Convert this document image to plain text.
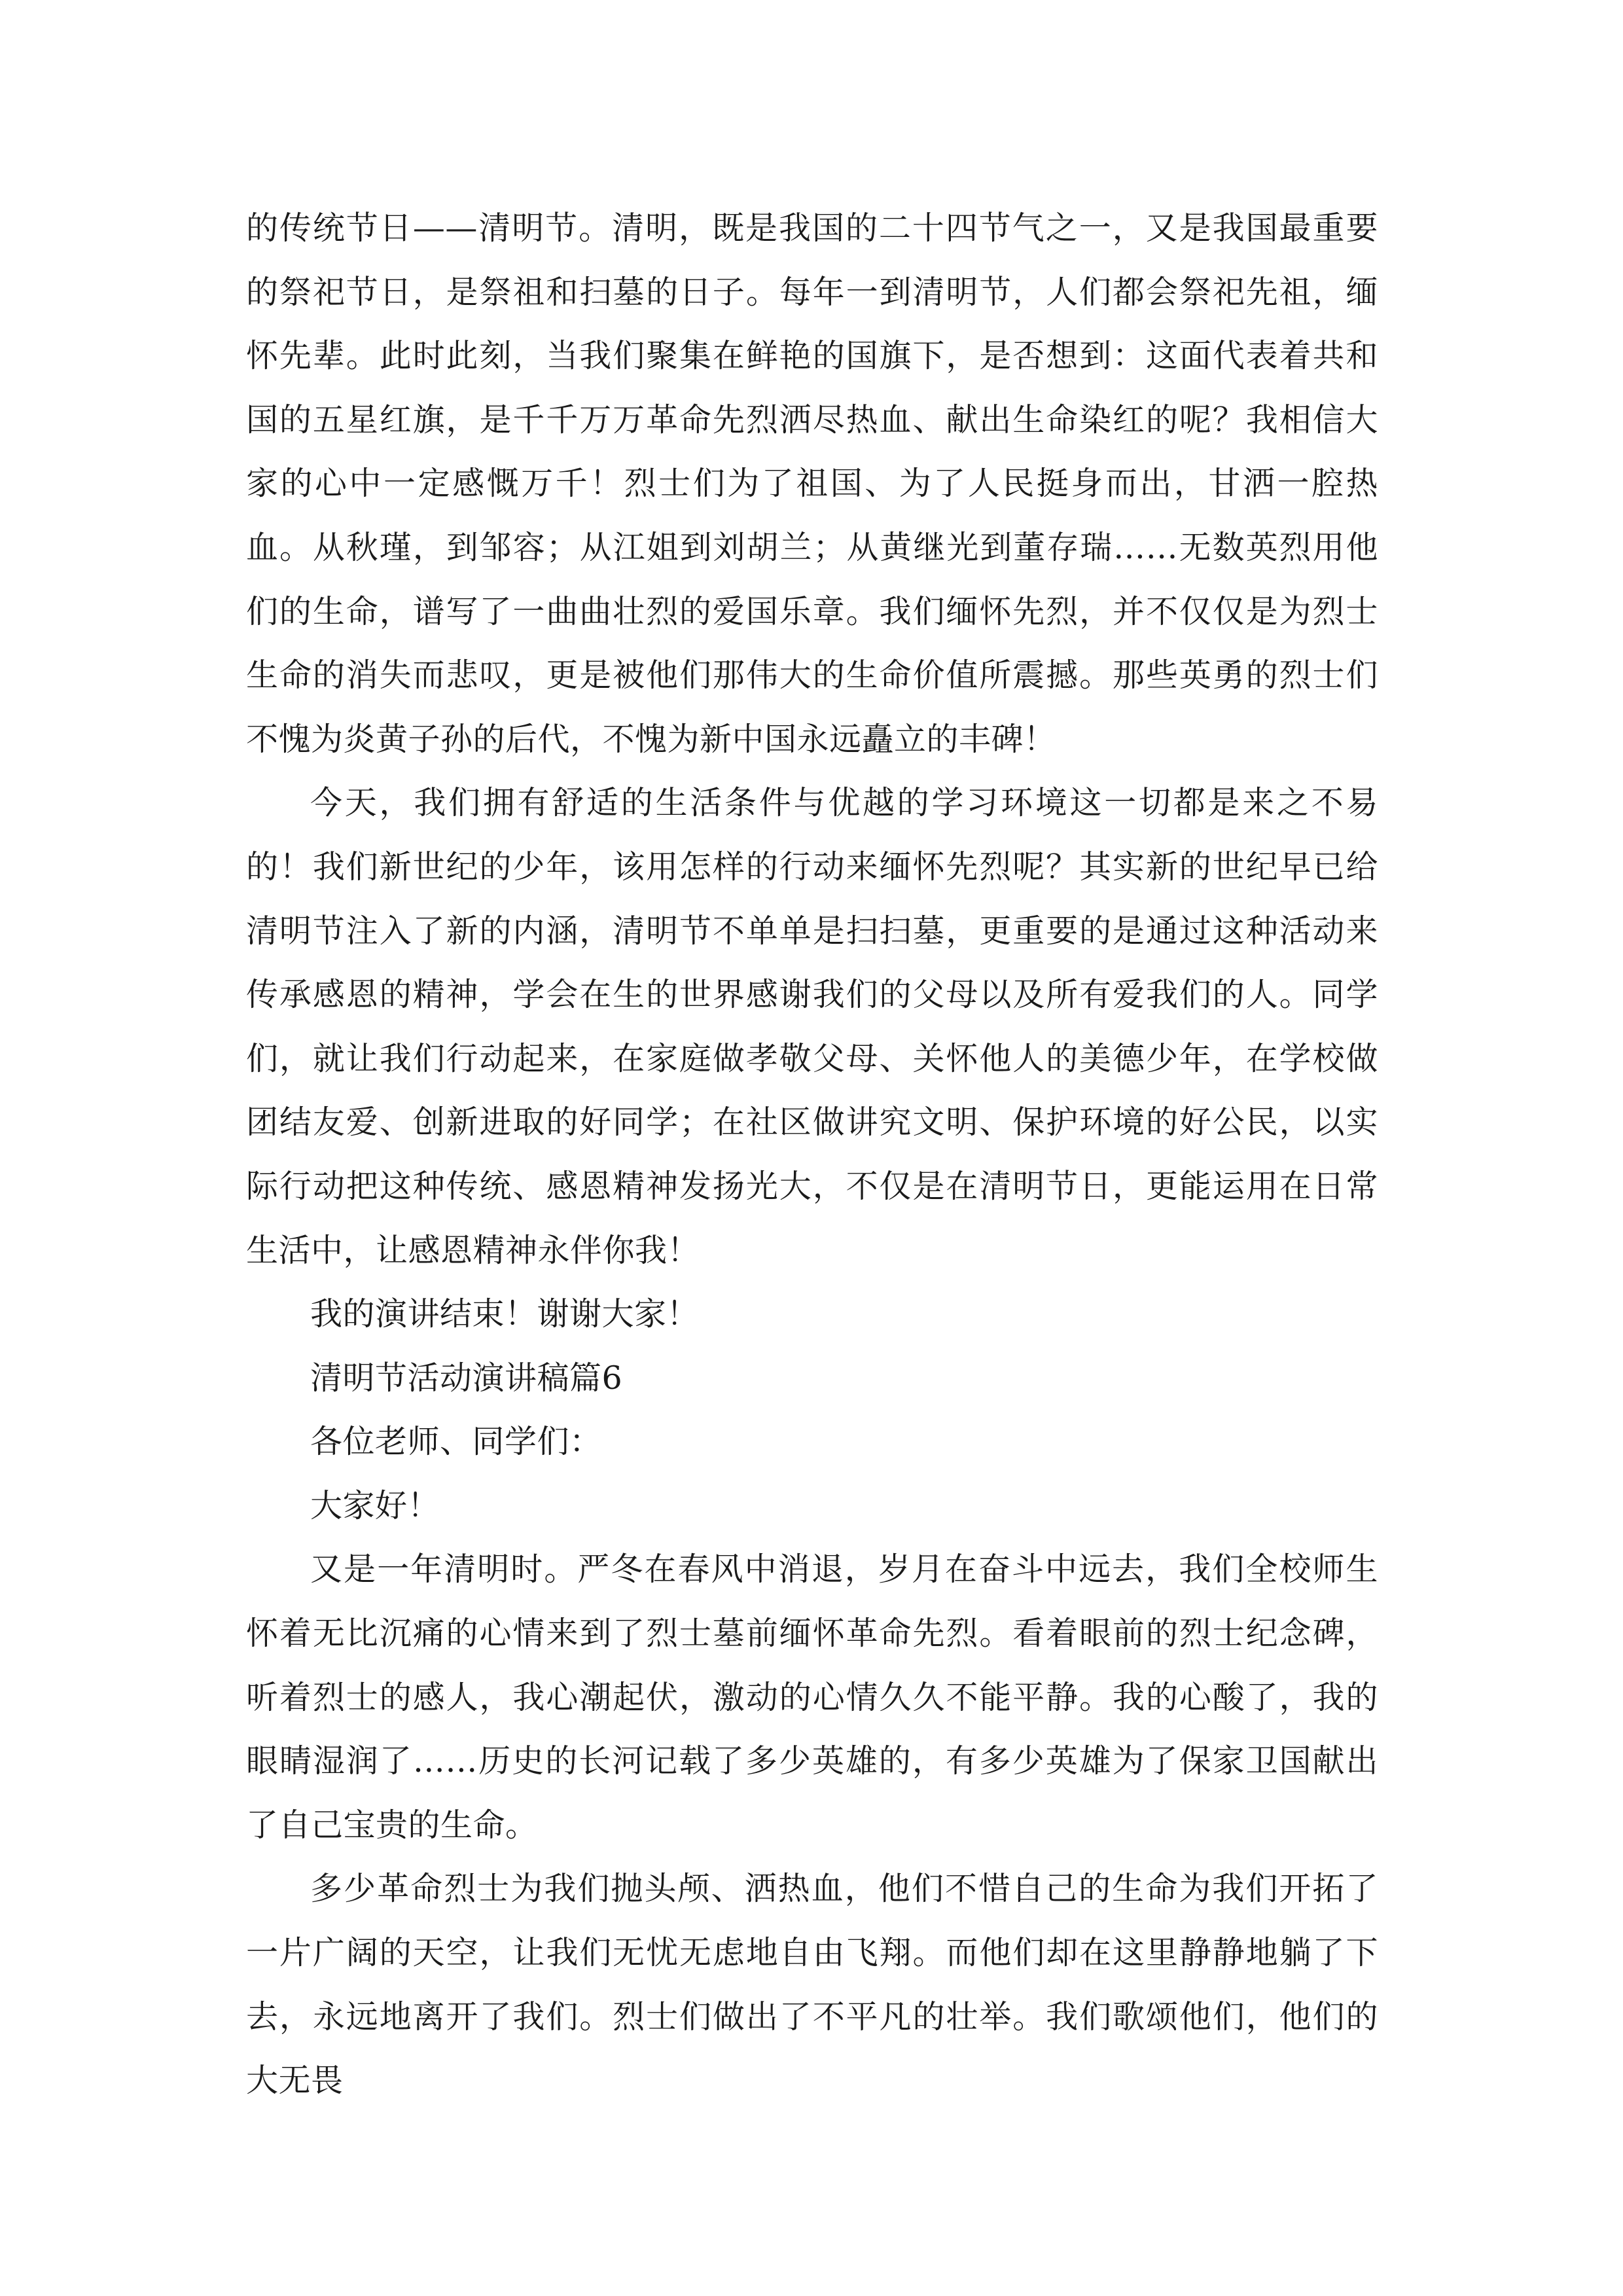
的传统节日——清明节。清明，既是我国的二十四节气之一，又是我国最重要的祭祀节日，是祭祖和扫墓的日子。每年一到清明节，人们都会祭祀先祖，缅怀先辈。此时此刻，当我们聚集在鲜艳的国旗下，是否想到：这面代表着共和国的五星红旗，是千千万万革命先烈洒尽热血、献出生命染红的呢？我相信大家的心中一定感慨万千！烈士们为了祖国、为了人民挺身而出，甘洒一腔热血。从秋瑾，到邹容；从江姐到刘胡兰；从黄继光到董存瑞……无数英烈用他们的生命，谱写了一曲曲壮烈的爱国乐章。我们缅怀先烈，并不仅仅是为烈士生命的消失而悲叹，更是被他们那伟大的生命价值所震撼。那些英勇的烈士们不愧为炎黄子孙的后代，不愧为新中国永远矗立的丰碑！

今天，我们拥有舒适的生活条件与优越的学习环境这一切都是来之不易的！我们新世纪的少年，该用怎样的行动来缅怀先烈呢？其实新的世纪早已给清明节注入了新的内涵，清明节不单单是扫扫墓，更重要的是通过这种活动来传承感恩的精神，学会在生的世界感谢我们的父母以及所有爱我们的人。同学们，就让我们行动起来，在家庭做孝敬父母、关怀他人的美德少年，在学校做团结友爱、创新进取的好同学；在社区做讲究文明、保护环境的好公民，以实际行动把这种传统、感恩精神发扬光大，不仅是在清明节日，更能运用在日常生活中，让感恩精神永伴你我！

我的演讲结束！谢谢大家！

清明节活动演讲稿篇6

各位老师、同学们：

大家好！

又是一年清明时。严冬在春风中消退，岁月在奋斗中远去，我们全校师生怀着无比沉痛的心情来到了烈士墓前缅怀革命先烈。看着眼前的烈士纪念碑，听着烈士的感人，我心潮起伏，激动的心情久久不能平静。我的心酸了，我的眼睛湿润了……历史的长河记载了多少英雄的，有多少英雄为了保家卫国献出了自己宝贵的生命。

多少革命烈士为我们抛头颅、洒热血，他们不惜自己的生命为我们开拓了一片广阔的天空，让我们无忧无虑地自由飞翔。而他们却在这里静静地躺了下去，永远地离开了我们。烈士们做出了不平凡的壮举。我们歌颂他们，他们的大无畏
